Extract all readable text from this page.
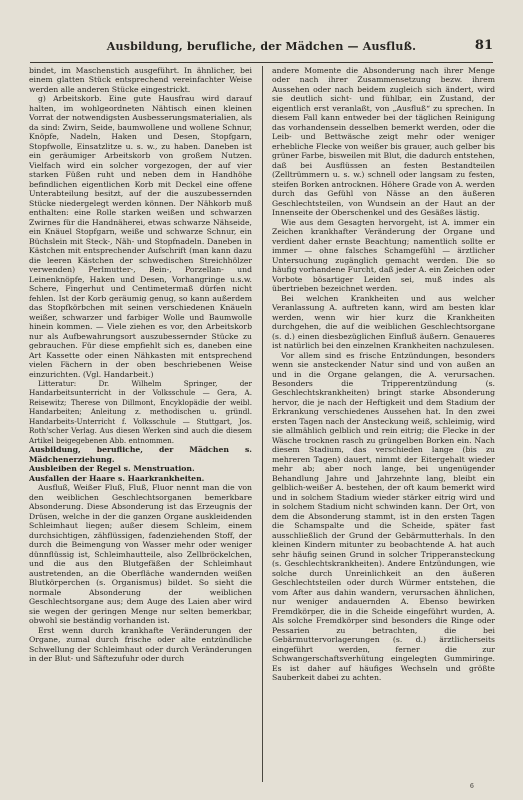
Ausbildung, berufliche, der Mädchen — Ausfluß.	81

bindet, im Maschenstich ausgeführt. In ähnlicher, bei einem glatten Stück entsprechend vereinfachter Weise werden alle anderen Stücke eingestrickt.

g) Arbeitskorb. Eine gute Hausfrau wird darauf halten, im wohlgeordneten Nähtisch einen kleinen Vorrat der notwendigsten Ausbesserungsmaterialien, als da sind: Zwirn, Seide, baumwollene und wollene Schnur, Knöpfe, Nadeln, Haken und Desen, Stopfgarn, Stopfwolle, Einsatzlitze u. s. w., zu haben. Daneben ist ein geräumiger Arbeitskorb von großem Nutzen. Vielfach wird ein solcher vorgezogen, der auf vier starken Füßen ruht und neben dem in Handhöhe befindlichen eigentlichen Korb mit Deckel eine offene Unterabteilung besitzt, auf der die auszubessernden Stücke niedergelegt werden können. Der Nähkorb muß enthalten: eine Rolle starken weißen und schwarzen Zwirnes für die Handnäherei, etwas schwarze Nähseide, ein Knäuel Stopfgarn, weiße und schwarze Schnur, ein Büchslein mit Steck-, Näh- und Stopfnadeln. Daneben in Kästchen mit entsprechender Aufschrift (man kann dazu die leeren Kästchen der schwedischen Streichhölzer verwenden) Perlmutter-, Bein-, Porzellan- und Leinenknöpfe, Haken und Desen, Vorhangringe u.s.w. Schere, Fingerhut und Centimetermaß dürfen nicht fehlen. Ist der Korb geräumig genug, so kann außerdem das Stopfkörbchen mit seinen verschiedenen Knäueln weißer, schwarzer und farbiger Wolle und Baumwolle hinein kommen. — Viele ziehen es vor, den Arbeitskorb nur als Aufbewahrungsort auszubessernder Stücke zu gebrauchen. Für diese empfiehlt sich es, daneben eine Art Kassette oder einen Nähkasten mit entsprechend vielen Fächern in der oben beschriebenen Weise einzurichten. (Vgl. Handarbeit.)

Litteratur: Dr. Wilhelm Springer, der Handarbeitsunterricht in der Volksschule — Gera, A. Reisewitz; Therese von Dillmont, Encyklopädie der weibl. Handarbeiten; Anleitung z. methodischen u. gründl. Handarbeits-Unterricht f. Volksschule — Stuttgart, Jos. Roth'scher Verlag. Aus diesen Werken sind auch die diesem Artikel beigegebenen Abb. entnommen.

Ausbildung, berufliche, der Mädchen s. Mädchenerziehung.

Ausbleiben der Regel s. Menstruation.

Ausfallen der Haare s. Haarkrankheiten.

Ausfluß, Weißer Fluß, Fluß, Fluor nennt man die von den weiblichen Geschlechtsorganen bemerkbare Absonderung. Diese Absonderung ist das Erzeugnis der Drüsen, welche in der die ganzen Organe auskleidenden Schleimhaut liegen; außer diesem Schleim, einem durchsichtigen, zähflüssigen, fadenziehenden Stoff, der durch die Beimengung von Wasser mehr oder weniger dünnflüssig ist, Schleimhautteile, also Zellbröckelchen, und die aus den Blutgefäßen der Schleimhaut austretenden, an die Oberfläche wandernden weißen Blutkörperchen (s. Organismus) bildet. So sieht die normale Absonderung der weiblichen Geschlechtsorgane aus; dem Auge des Laien aber wird sie wegen der geringen Menge nur selten bemerkbar, obwohl sie beständig vorhanden ist.

Erst wenn durch krankhafte Veränderungen der Organe, zumal durch frische oder alte entzündliche Schwellung der Schleimhaut oder durch Veränderungen in der Blut- und Säftezufuhr oder durch

andere Momente die Absonderung nach ihrer Menge oder nach ihrer Zusammensetzung bezw. ihrem Aussehen oder nach beidem zugleich sich ändert, wird sie deutlich sicht- und fühlbar, ein Zustand, der eigentlich erst veranlaßt, von „Ausfluß“ zu sprechen. In diesem Fall kann entweder bei der täglichen Reinigung das vorhandensein desselben bemerkt werden, oder die Leib- und Bettwäsche zeigt mehr oder weniger erhebliche Flecke von weißer bis grauer, auch gelber bis grüner Farbe, bisweilen mit Blut, die dadurch entstehen, daß bei Ausflüssen an festen Bestandteilen (Zelltrümmern u. s. w.) schnell oder langsam zu festen, steifen Borken antrocknen. Höhere Grade von A. werden durch das Gefühl von Nässe an den äußeren Geschlechtsteilen, von Wundsein an der Haut an der Innenseite der Oberschenkel und des Gesäßes lästig.

Wie aus dem Gesagten hervorgeht, ist A. immer ein Zeichen krankhafter Veränderung der Organe und verdient daher ernste Beachtung; namentlich sollte er immer — ohne falsches Schamgefühl — ärztlicher Untersuchung zugänglich gemacht werden. Die so häufig vorhandene Furcht, daß jeder A. ein Zeichen oder Vorbote bösartiger Leiden sei, muß indes als übertrieben bezeichnet werden.

Bei welchen Krankheiten und aus welcher Veranlassung A. auftreten kann, wird am besten klar werden, wenn wir hier kurz die Krankheiten durchgehen, die auf die weiblichen Geschlechtsorgane (s. d.) einen diesbezüglichen Einfluß äußern. Genaueres ist natürlich bei den einzelnen Krankheiten nachzulesen.

Vor allem sind es frische Entzündungen, besonders wenn sie ansteckender Natur sind und von außen an und in die Organe gelangen, die A. verursachen. Besonders die Tripperentzündung (s. Geschlechtskrankheiten) bringt starke Absonderung hervor, die je nach der Heftigkeit und dem Stadium der Erkrankung verschiedenes Aussehen hat. In den zwei ersten Tagen nach der Ansteckung weiß, schleimig, wird sie allmählich gelblich und rein eitrig; die Flecke in der Wäsche trocknen rasch zu grüngelben Borken ein. Nach diesem Stadium, das verschieden lange (bis zu mehreren Tagen) dauert, nimmt der Eitergehalt wieder mehr ab; aber noch lange, bei ungenügender Behandlung Jahre und Jahrzehnte lang, bleibt ein gelblich-weißer A. bestehen, der oft kaum bemerkt wird und in solchem Stadium wieder stärker eitrig wird und in solchem Stadium nicht schwinden kann. Der Ort, von dem die Absonderung stammt, ist in den ersten Tagen die Schamspalte und die Scheide, später fast ausschließlich der Grund der Gebärmutterhals. In den kleinen Kindern mitunter zu beobachtende A. hat auch sehr häufig seinen Grund in solcher Tripperansteckung (s. Geschlechtskrankheiten). Andere Entzündungen, wie solche durch Unreinlichkeit an den äußeren Geschlechtsteilen oder durch Würmer entstehen, die vom After aus dahin wandern, verursachen ähnlichen, nur weniger andauernden A. Ebenso bewirken Fremdkörper, die in die Scheide eingeführt wurden, A. Als solche Fremdkörper sind besonders die Ringe oder Pessarien zu betrachten, die bei Gebärmuttervorlagerungen (s. d.) ärztlicherseits eingeführt werden, ferner die zur Schwangerschaftsverhütung eingelegten Gummiringe. Es ist daher auf häufiges Wechseln und größte Sauberkeit dabei zu achten.

6
